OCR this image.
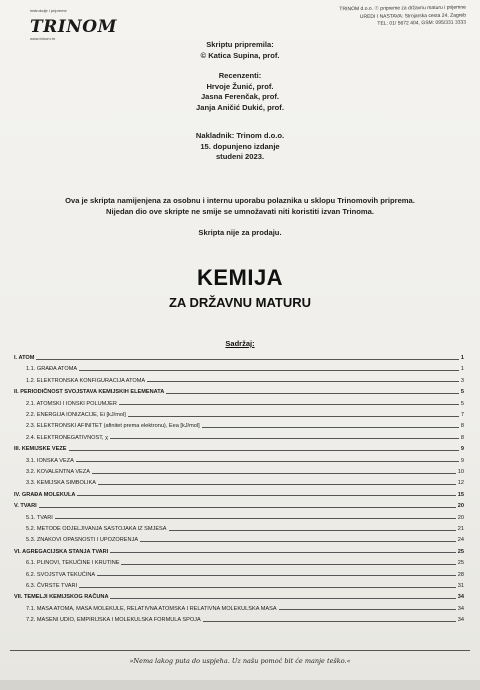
instrukcije i pripreme
TRINOM
www.trinom.hr
TRINOM d.o.o. ☉ pripreme za državnu maturu i prijemne
UREDI I NASTAVA: Strojarska cesta 24, Zagreb
TEL: 01/ 5672 404, GSM: 095/331 3333
Skriptu pripremila:
© Katica Supina, prof.
Recenzenti:
Hrvoje Žunić, prof.
Jasna Ferenčak, prof.
Janja Aničić Dukić, prof.
Nakladnik: Trinom d.o.o.
15. dopunjeno izdanje
studeni 2023.
Ova je skripta namijenjena za osobnu i internu uporabu polaznika u sklopu Trinomovih priprema.
Nijedan dio ove skripte ne smije se umnožavati niti koristiti izvan Trinoma.
Skripta nije za prodaju.
KEMIJA
ZA DRŽAVNU MATURU
Sadržaj:
I. ATOM	1
1.1. GRAĐA ATOMA	1
1.2. ELEKTRONSKA KONFIGURACIJA ATOMA	3
II. PERIODIČNOST SVOJSTAVA KEMIJSKIH ELEMENATA	5
2.1. ATOMSKI I IONSKI POLUMJER	5
2.2. ENERGIJA IONIZACIJE, Ei [kJ/mol]	7
2.3. ELEKTRONSKI AFINITET (afinitet prema elektronu), Eea [kJ/mol]	8
2.4. ELEKTRONEGATIVNOST, χ	8
III. KEMIJSKE VEZE	9
3.1. IONSKA VEZA	9
3.2. KOVALENTNA VEZA	10
3.3. KEMIJSKA SIMBOLIKA	12
IV. GRAĐA MOLEKULA	15
V. TVARI	20
5.1. TVARI	20
5.2. METODE ODJELJIVANJA SASTOJAKA IZ SMJESA	21
5.3. ZNAKOVI OPASNOSTI I UPOZORENJA	24
VI. AGREGACIJSKA STANJA TVARI	25
6.1. PLINOVI, TEKUĆINE I KRUTINE	25
6.2. SVOJSTVA TEKUĆINA	28
6.3. ČVRSTE TVARI	31
VII. TEMELJI KEMIJSKOG RAČUNA	34
7.1. MASA ATOMA, MASA MOLEKULE, RELATIVNA ATOMSKA I RELATIVNA MOLEKULSKA MASA	34
7.2. MASENI UDIO, EMPIRIJSKA I MOLEKULSKA FORMULA SPOJA	34
»Nema lakog puta do uspjeha. Uz našu pomoć bit će manje teško.«
